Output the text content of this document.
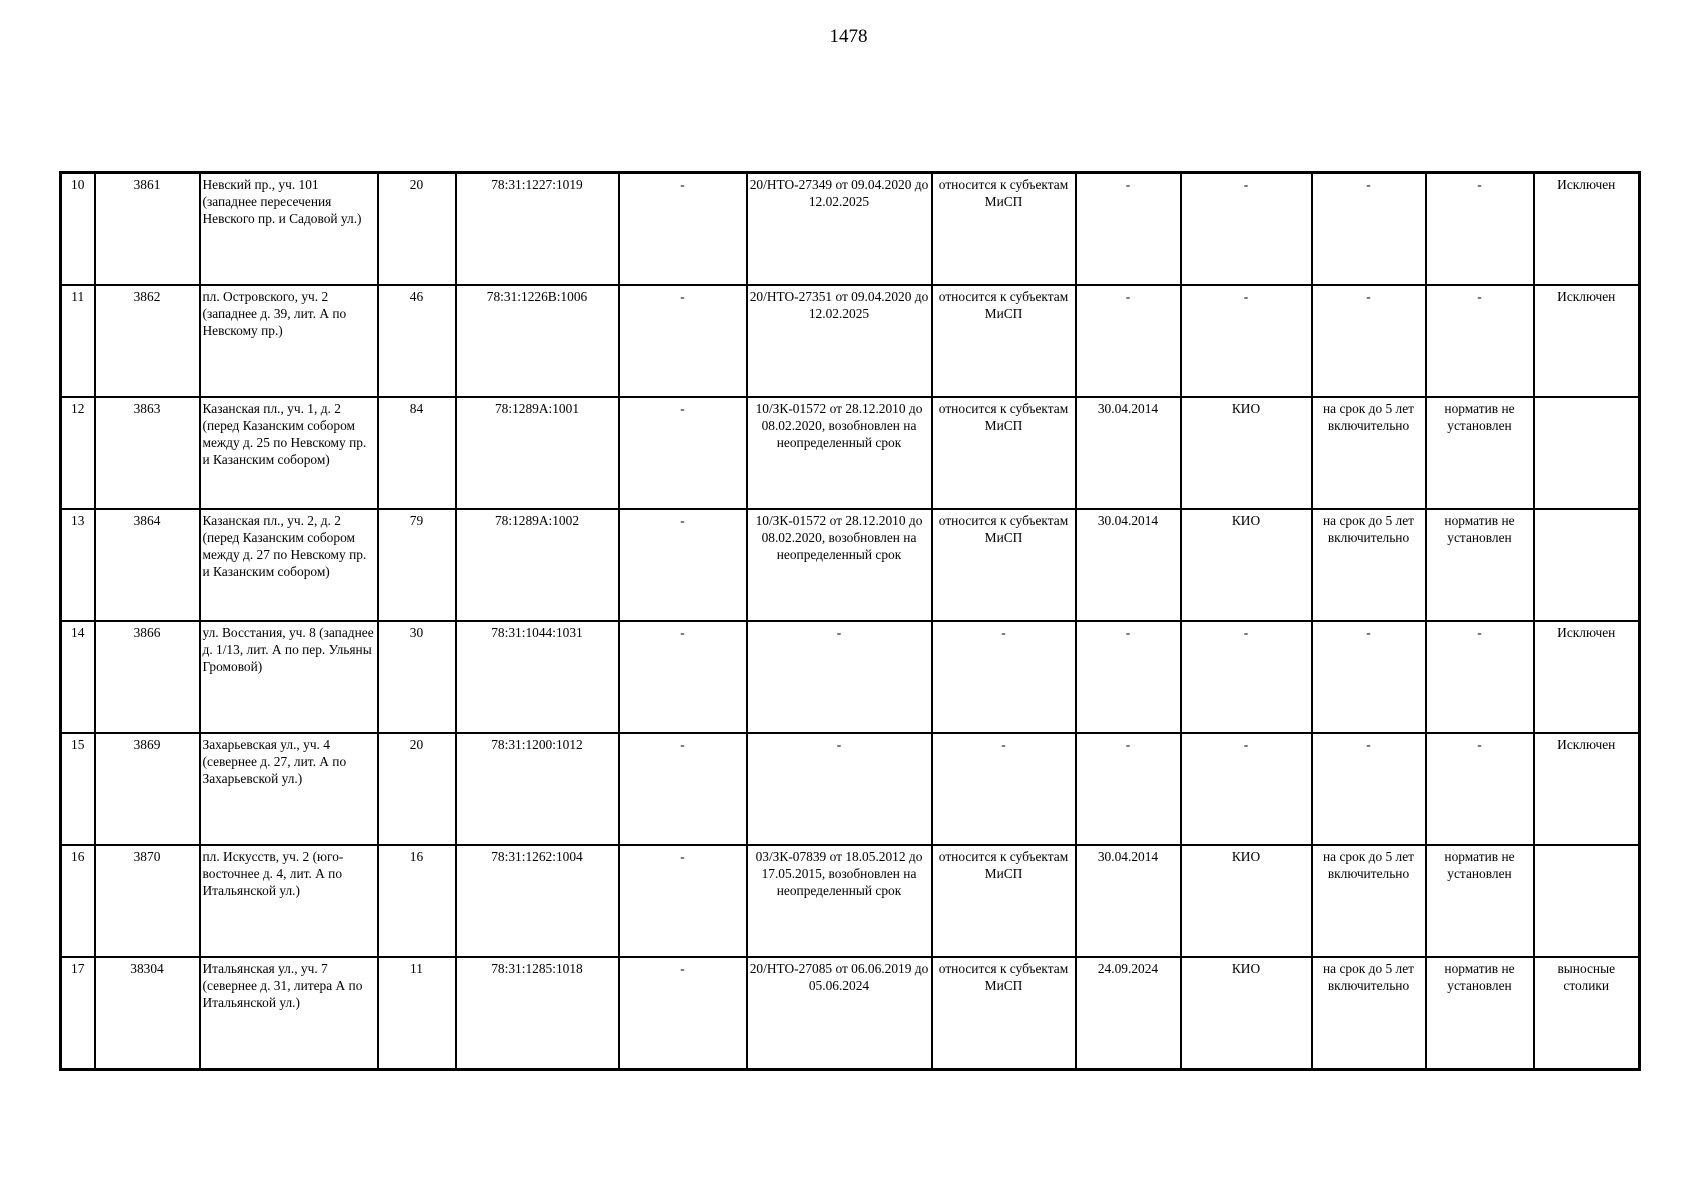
1478
10	3861	Невский пр., уч. 101 (западнее пересечения Невского пр. и Садовой ул.)	20	78:31:1227:1019	-	20/НТО-27349 от 09.04.2020 до 12.02.2025	относится к субъектам МиСП	-	-	-	-	Исключен
11	3862	пл. Островского, уч. 2 (западнее д. 39, лит. А по Невскому пр.)	46	78:31:1226В:1006	-	20/НТО-27351 от 09.04.2020 до 12.02.2025	относится к субъектам МиСП	-	-	-	-	Исключен
12	3863	Казанская пл., уч. 1, д. 2 (перед Казанским собором между д. 25 по Невскому пр. и Казанским собором)	84	78:1289А:1001	-	10/ЗК-01572 от 28.12.2010 до 08.02.2020, возобновлен на неопределенный срок	относится к субъектам МиСП	30.04.2014	КИО	на срок до 5 лет включительно	норматив не установлен	
13	3864	Казанская пл., уч. 2, д. 2 (перед Казанским собором между д. 27 по Невскому пр. и Казанским собором)	79	78:1289А:1002	-	10/ЗК-01572 от 28.12.2010 до 08.02.2020, возобновлен на неопределенный срок	относится к субъектам МиСП	30.04.2014	КИО	на срок до 5 лет включительно	норматив не установлен	
14	3866	ул. Восстания, уч. 8 (западнее д. 1/13, лит. А по пер. Ульяны Громовой)	30	78:31:1044:1031	-	-	-	-	-	-	-	Исключен
15	3869	Захарьевская ул., уч. 4 (севернее д. 27, лит. А по Захарьевской ул.)	20	78:31:1200:1012	-	-	-	-	-	-	-	Исключен
16	3870	пл. Искусств, уч. 2 (юго-восточнее д. 4, лит. А по Итальянской ул.)	16	78:31:1262:1004	-	03/ЗК-07839 от 18.05.2012 до 17.05.2015, возобновлен на неопределенный срок	относится к субъектам МиСП	30.04.2014	КИО	на срок до 5 лет включительно	норматив не установлен	
17	38304	Итальянская ул., уч. 7 (севернее д. 31, литера А по Итальянской ул.)	11	78:31:1285:1018	-	20/НТО-27085 от 06.06.2019 до 05.06.2024	относится к субъектам МиСП	24.09.2024	КИО	на срок до 5 лет включительно	норматив не установлен	выносные столики
